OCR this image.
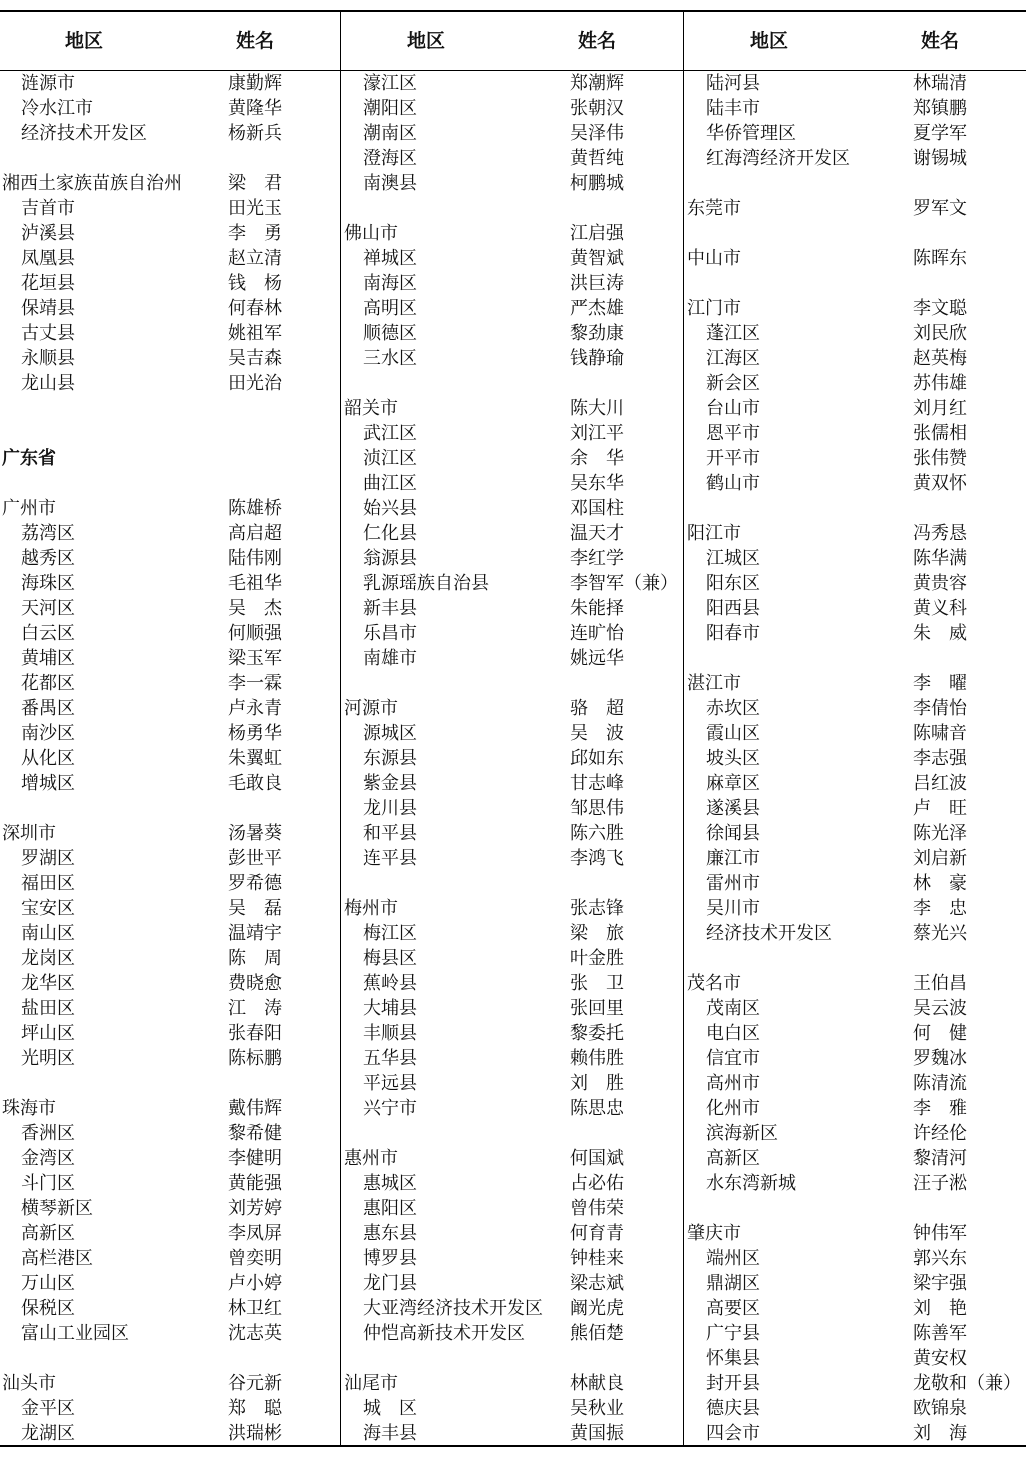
地区	姓名
涟源市	康勤辉
冷水江市	黄隆华
经济技术开发区	杨新兵
湘西土家族苗族自治州	梁　君
吉首市	田光玉
泸溪县	李　勇
凤凰县	赵立清
花垣县	钱　杨
保靖县	何春林
古丈县	姚祖军
永顺县	吴吉森
龙山县	田光治
广东省
广州市	陈雄桥
荔湾区	高启超
越秀区	陆伟刚
海珠区	毛祖华
天河区	吴　杰
白云区	何顺强
黄埔区	梁玉军
花都区	李一霖
番禺区	卢永青
南沙区	杨勇华
从化区	朱翼虹
增城区	毛敢良
深圳市	汤暑葵
罗湖区	彭世平
福田区	罗希德
宝安区	吴　磊
南山区	温靖宇
龙岗区	陈　周
龙华区	费晓愈
盐田区	江　涛
坪山区	张春阳
光明区	陈标鹏
珠海市	戴伟辉
香洲区	黎希健
金湾区	李健明
斗门区	黄能强
横琴新区	刘芳婷
高新区	李凤屏
高栏港区	曾奕明
万山区	卢小婷
保税区	林卫红
富山工业园区	沈志英
汕头市	谷元新
金平区	郑　聪
龙湖区	洪瑞彬
地区	姓名
濠江区	郑潮辉
潮阳区	张朝汉
潮南区	吴泽伟
澄海区	黄哲纯
南澳县	柯鹏城
佛山市	江启强
禅城区	黄智斌
南海区	洪巨涛
高明区	严杰雄
顺德区	黎劲康
三水区	钱静瑜
韶关市	陈大川
武江区	刘江平
浈江区	余　华
曲江区	吴东华
始兴县	邓国柱
仁化县	温天才
翁源县	李红学
乳源瑶族自治县	李智军（兼）
新丰县	朱能择
乐昌市	连旷怡
南雄市	姚远华
河源市	骆　超
源城区	吴　波
东源县	邱如东
紫金县	甘志峰
龙川县	邹思伟
和平县	陈六胜
连平县	李鸿飞
梅州市	张志锋
梅江区	梁　旅
梅县区	叶金胜
蕉岭县	张　卫
大埔县	张回里
丰顺县	黎委托
五华县	赖伟胜
平远县	刘　胜
兴宁市	陈思忠
惠州市	何国斌
惠城区	占必佑
惠阳区	曾伟荣
惠东县	何育青
博罗县	钟桂来
龙门县	梁志斌
大亚湾经济技术开发区 阚光虎
仲恺高新技术开发区	熊佰楚
汕尾市	林献良
城　区	吴秋业
海丰县	黄国振
地区	姓名
陆河县	林瑞清
陆丰市	郑镇鹏
华侨管理区	夏学军
红海湾经济开发区	谢锡城
东莞市	罗军文
中山市	陈晖东
江门市	李文聪
蓬江区	刘民欣
江海区	赵英梅
新会区	苏伟雄
台山市	刘月红
恩平市	张儒相
开平市	张伟赞
鹤山市	黄双怀
阳江市	冯秀恳
江城区	陈华满
阳东区	黄贵容
阳西县	黄义科
阳春市	朱　威
湛江市	李　曜
赤坎区	李倩怡
霞山区	陈啸音
坡头区	李志强
麻章区	吕红波
遂溪县	卢　旺
徐闻县	陈光泽
廉江市	刘启新
雷州市	林　豪
吴川市	李　忠
经济技术开发区	蔡光兴
茂名市	王伯昌
茂南区	吴云波
电白区	何　健
信宜市	罗魏冰
高州市	陈清流
化州市	李　雅
滨海新区	许经伦
高新区	黎清河
水东湾新城	汪子淞
肇庆市	钟伟军
端州区	郭兴东
鼎湖区	梁宇强
高要区	刘　艳
广宁县	陈善军
怀集县	黄安权
封开县	龙敬和（兼）
德庆县	欧锦泉
四会市	刘　海
